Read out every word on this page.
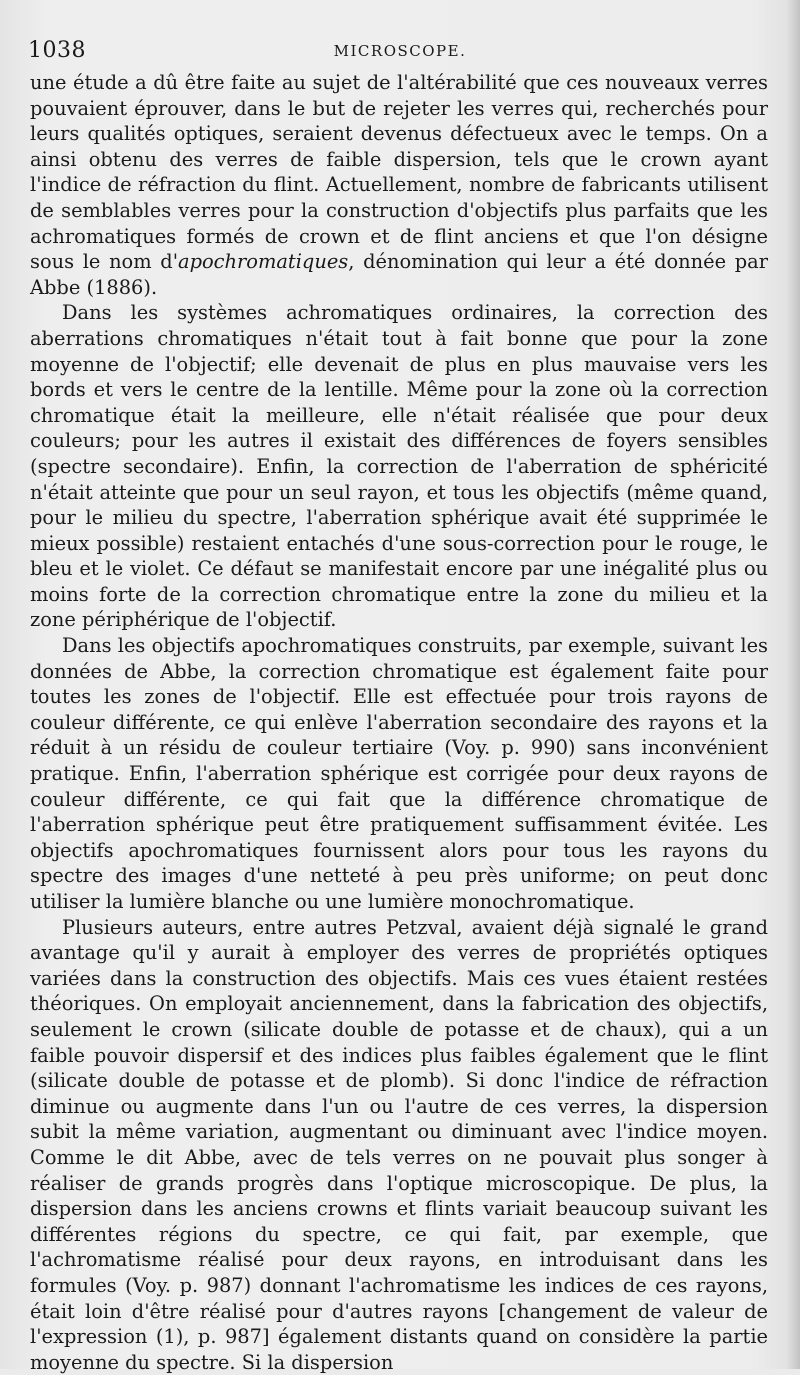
1038	MICROSCOPE.

une étude a dû être faite au sujet de l'altérabilité que ces nouveaux verres pouvaient éprouver, dans le but de rejeter les verres qui, recherchés pour leurs qualités optiques, seraient devenus défectueux avec le temps. On a ainsi obtenu des verres de faible dispersion, tels que le crown ayant l'indice de réfraction du flint. Actuellement, nombre de fabricants utilisent de semblables verres pour la construction d'objectifs plus parfaits que les achromatiques formés de crown et de flint anciens et que l'on désigne sous le nom d'apochromatiques, dénomination qui leur a été donnée par Abbe (1886).

Dans les systèmes achromatiques ordinaires, la correction des aberrations chromatiques n'était tout à fait bonne que pour la zone moyenne de l'objectif; elle devenait de plus en plus mauvaise vers les bords et vers le centre de la lentille. Même pour la zone où la correction chromatique était la meilleure, elle n'était réalisée que pour deux couleurs; pour les autres il existait des différences de foyers sensibles (spectre secondaire). Enfin, la correction de l'aberration de sphéricité n'était atteinte que pour un seul rayon, et tous les objectifs (même quand, pour le milieu du spectre, l'aberration sphérique avait été supprimée le mieux possible) restaient entachés d'une sous-correction pour le rouge, le bleu et le violet. Ce défaut se manifestait encore par une inégalité plus ou moins forte de la correction chromatique entre la zone du milieu et la zone périphérique de l'objectif.

Dans les objectifs apochromatiques construits, par exemple, suivant les données de Abbe, la correction chromatique est également faite pour toutes les zones de l'objectif. Elle est effectuée pour trois rayons de couleur différente, ce qui enlève l'aberration secondaire des rayons et la réduit à un résidu de couleur tertiaire (Voy. p. 990) sans inconvénient pratique. Enfin, l'aberration sphérique est corrigée pour deux rayons de couleur différente, ce qui fait que la différence chromatique de l'aberration sphérique peut être pratiquement suffisamment évitée. Les objectifs apochromatiques fournissent alors pour tous les rayons du spectre des images d'une netteté à peu près uniforme; on peut donc utiliser la lumière blanche ou une lumière monochromatique.

Plusieurs auteurs, entre autres Petzval, avaient déjà signalé le grand avantage qu'il y aurait à employer des verres de propriétés optiques variées dans la construction des objectifs. Mais ces vues étaient restées théoriques. On employait anciennement, dans la fabrication des objectifs, seulement le crown (silicate double de potasse et de chaux), qui a un faible pouvoir dispersif et des indices plus faibles également que le flint (silicate double de potasse et de plomb). Si donc l'indice de réfraction diminue ou augmente dans l'un ou l'autre de ces verres, la dispersion subit la même variation, augmentant ou diminuant avec l'indice moyen. Comme le dit Abbe, avec de tels verres on ne pouvait plus songer à réaliser de grands progrès dans l'optique microscopique. De plus, la dispersion dans les anciens crowns et flints variait beaucoup suivant les différentes régions du spectre, ce qui fait, par exemple, que l'achromatisme réalisé pour deux rayons, en introduisant dans les formules (Voy. p. 987) donnant l'achromatisme les indices de ces rayons, était loin d'être réalisé pour d'autres rayons [changement de valeur de l'expression (1), p. 987] également distants quand on considère la partie moyenne du spectre. Si la dispersion
